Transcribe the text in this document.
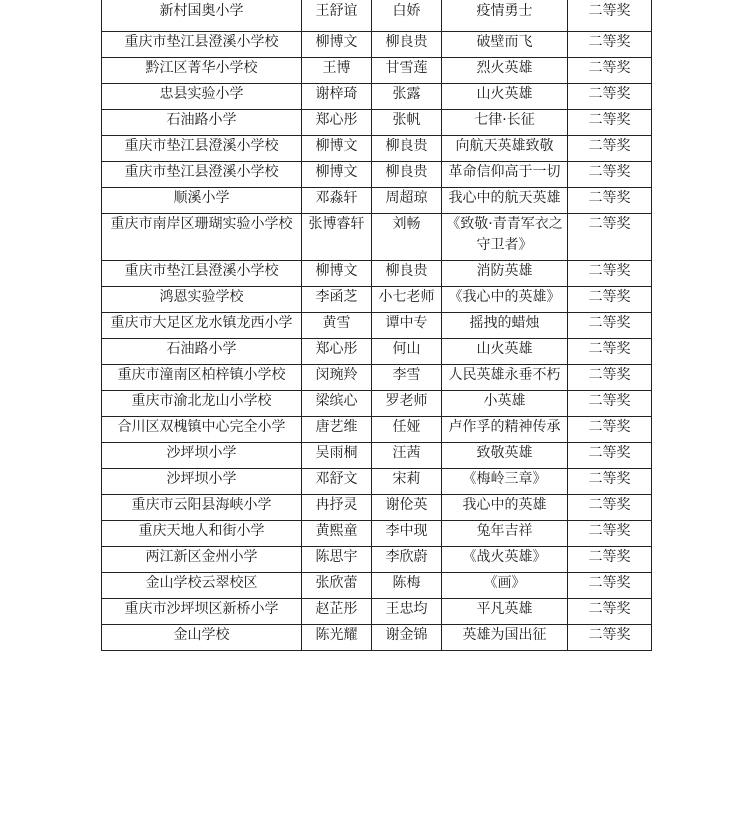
新村国奥小学	王舒谊	白娇	疫情勇士	二等奖
重庆市垫江县澄溪小学校	柳博文	柳良贵	破壁而飞	二等奖
黔江区菁华小学校	王博	甘雪莲	烈火英雄	二等奖
忠县实验小学	谢梓琦	张露	山火英雄	二等奖
石油路小学	郑心彤	张帆	七律·长征	二等奖
重庆市垫江县澄溪小学校	柳博文	柳良贵	向航天英雄致敬	二等奖
重庆市垫江县澄溪小学校	柳博文	柳良贵	革命信仰高于一切	二等奖
顺溪小学	邓淼轩	周超琼	我心中的航天英雄	二等奖
重庆市南岸区珊瑚实验小学校	张博睿轩	刘畅	《致敬·青青军衣之守卫者》	二等奖
重庆市垫江县澄溪小学校	柳博文	柳良贵	消防英雄	二等奖
鸿恩实验学校	李函芝	小七老师	《我心中的英雄》	二等奖
重庆市大足区龙水镇龙西小学	黄雪	谭中专	摇拽的蜡烛	二等奖
石油路小学	郑心彤	何山	山火英雄	二等奖
重庆市潼南区柏梓镇小学校	闵琬羚	李雪	人民英雄永垂不朽	二等奖
重庆市渝北龙山小学校	梁缤心	罗老师	小英雄	二等奖
合川区双槐镇中心完全小学	唐艺维	任娅	卢作孚的精神传承	二等奖
沙坪坝小学	吴雨桐	汪茜	致敬英雄	二等奖
沙坪坝小学	邓舒文	宋莉	《梅岭三章》	二等奖
重庆市云阳县海峡小学	冉抒灵	谢伦英	我心中的英雄	二等奖
重庆天地人和街小学	黄熙童	李中现	兔年吉祥	二等奖
两江新区金州小学	陈思宇	李欣蔚	《战火英雄》	二等奖
金山学校云翠校区	张欣蕾	陈梅	《画》	二等奖
重庆市沙坪坝区新桥小学	赵芷彤	王忠均	平凡英雄	二等奖
金山学校	陈光耀	谢金锦	英雄为国出征	二等奖
